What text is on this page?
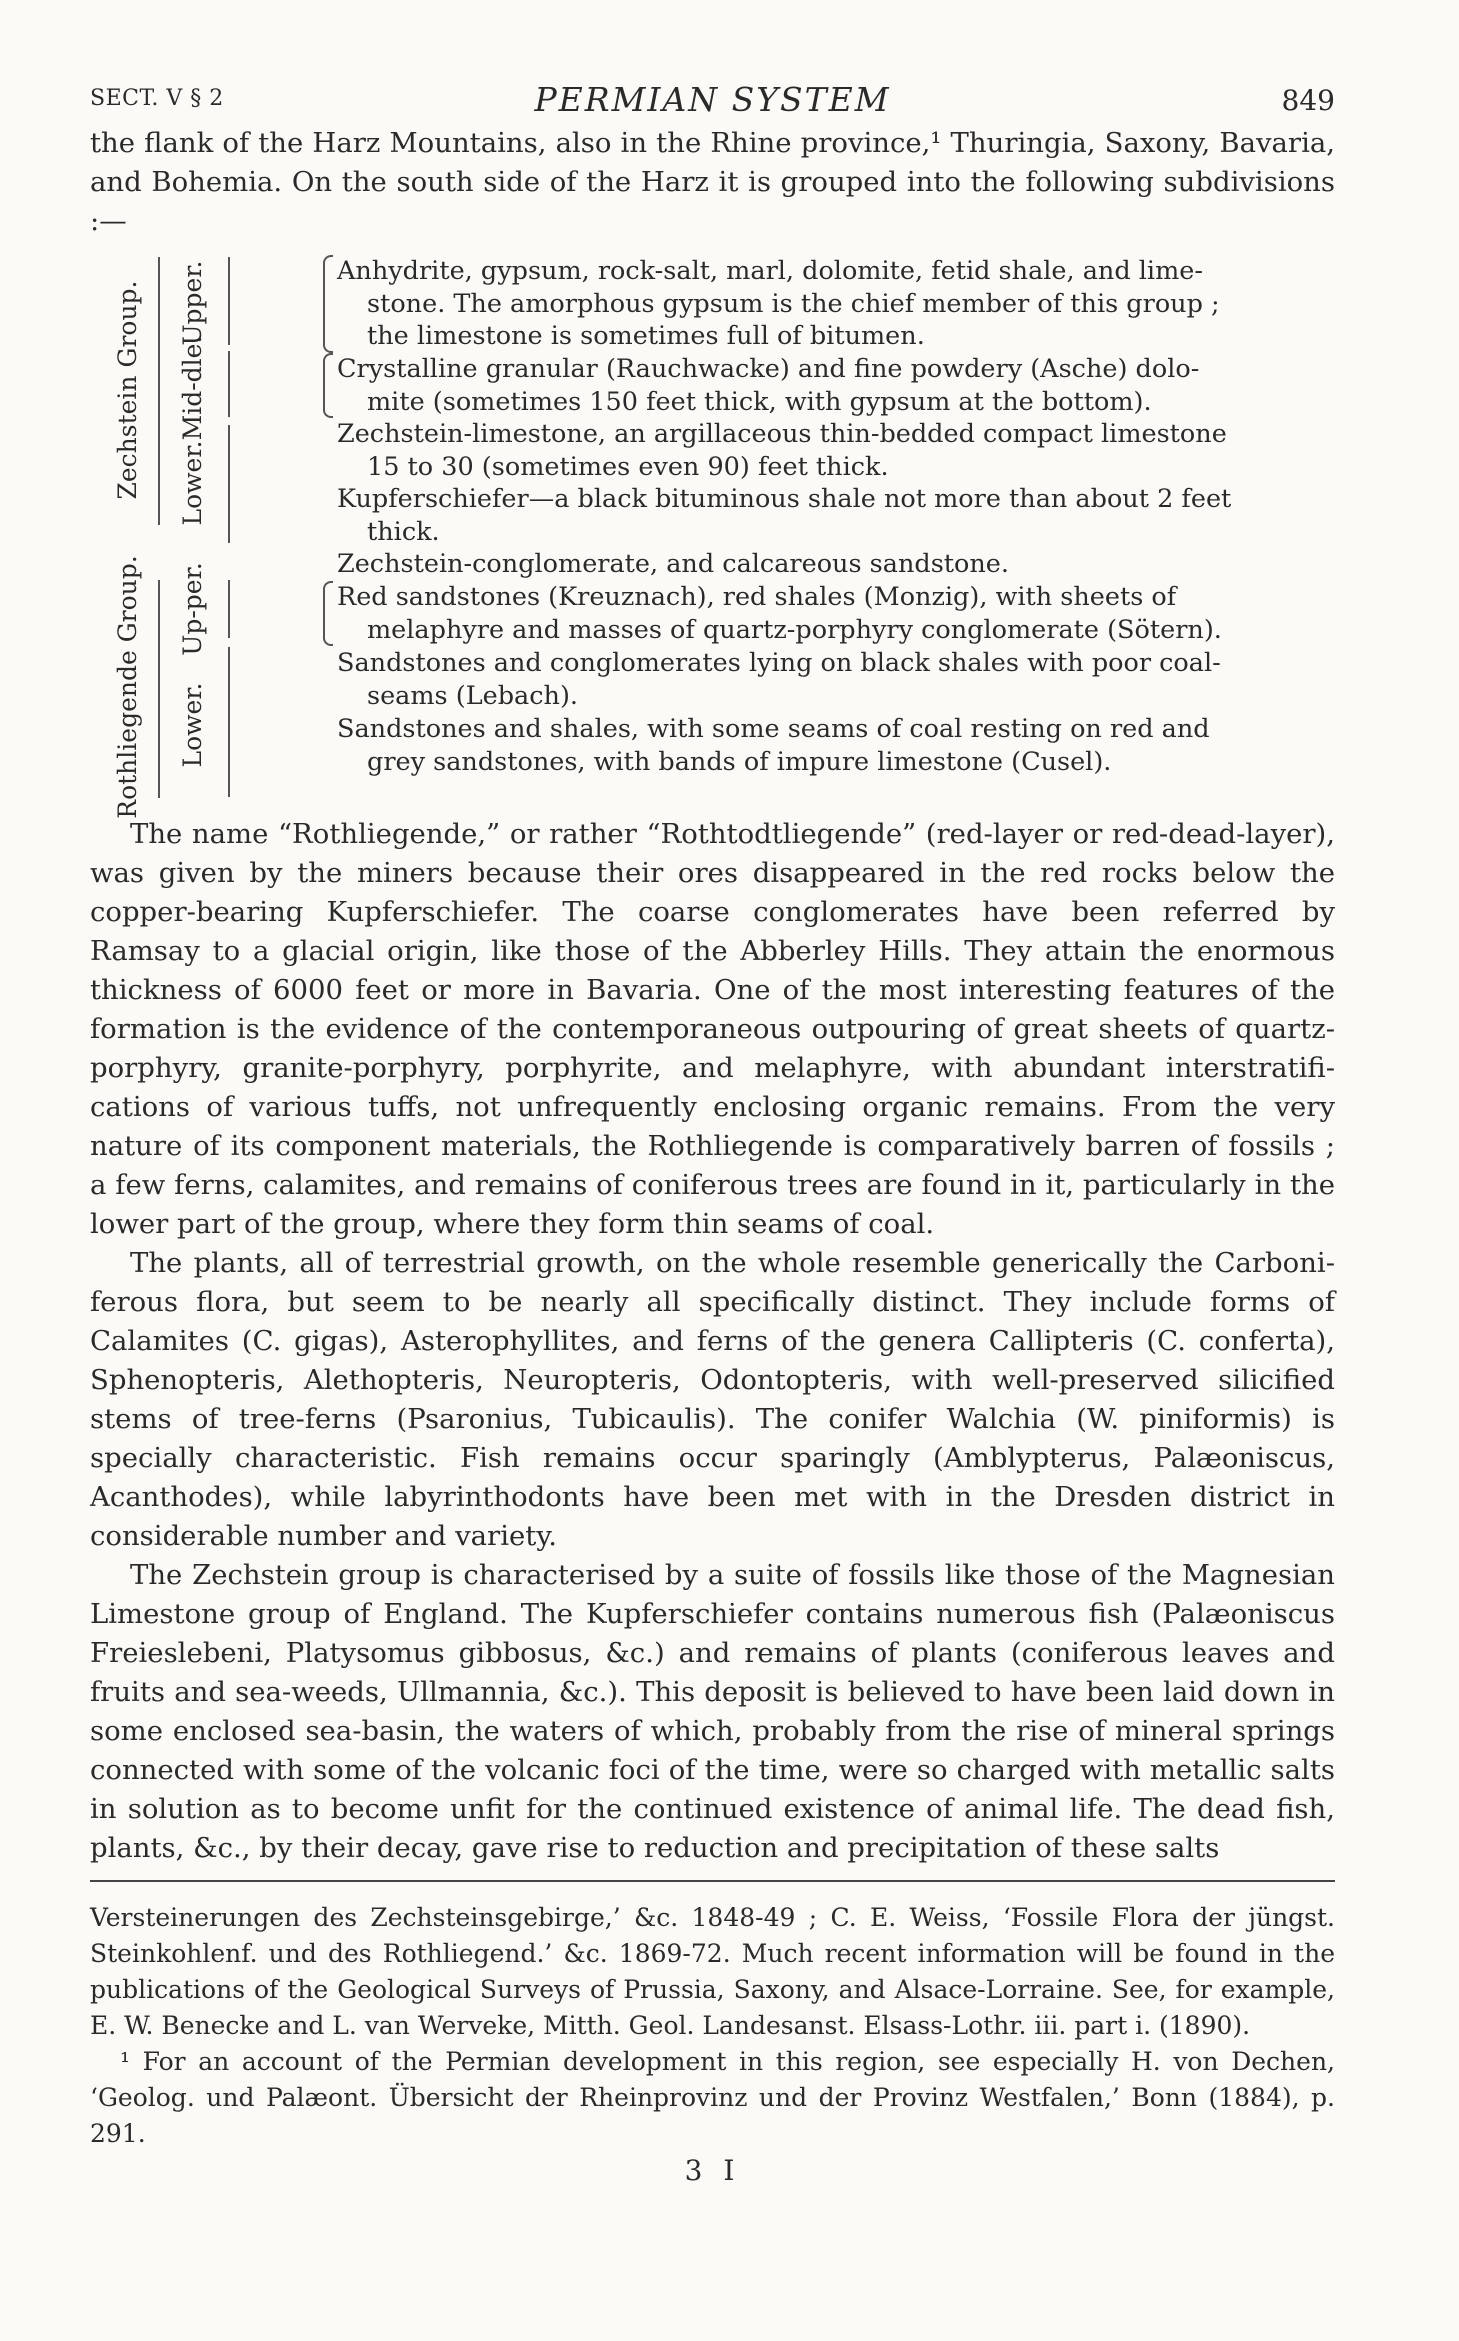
SECT. V § 2	PERMIAN SYSTEM	849

the flank of the Harz Mountains, also in the Rhine province,¹ Thuringia, Saxony, Bavaria, and Bohemia. On the south side of the Harz it is grouped into the following subdivisions :—

Zechstein Group.
Rothliegende Group.
Upper.
Mid-dle.
Lower.
Up-per.
Lower.
Anhydrite, gypsum, rock-salt, marl, dolomite, fetid shale, and lime-
stone. The amorphous gypsum is the chief member of this group ;
the limestone is sometimes full of bitumen.
Crystalline granular (Rauchwacke) and fine powdery (Asche) dolo-
mite (sometimes 150 feet thick, with gypsum at the bottom).
Zechstein-limestone, an argillaceous thin-bedded compact limestone
15 to 30 (sometimes even 90) feet thick.
Kupferschiefer—a black bituminous shale not more than about 2 feet
thick.
Zechstein-conglomerate, and calcareous sandstone.
Red sandstones (Kreuznach), red shales (Monzig), with sheets of
melaphyre and masses of quartz-porphyry conglomerate (Sötern).
Sandstones and conglomerates lying on black shales with poor coal-
seams (Lebach).
Sandstones and shales, with some seams of coal resting on red and
grey sandstones, with bands of impure limestone (Cusel).

The name “Rothliegende,” or rather “Rothtodtliegende” (red-layer or red-dead-layer), was given by the miners because their ores disappeared in the red rocks below the copper-bearing Kupferschiefer. The coarse conglomerates have been referred by Ramsay to a glacial origin, like those of the Abberley Hills. They attain the enormous thickness of 6000 feet or more in Bavaria. One of the most interesting features of the formation is the evidence of the contemporaneous outpouring of great sheets of quartz-porphyry, granite-porphyry, porphyrite, and melaphyre, with abundant interstratifi-cations of various tuffs, not unfrequently enclosing organic remains. From the very nature of its component materials, the Rothliegende is comparatively barren of fossils ; a few ferns, calamites, and remains of coniferous trees are found in it, particularly in the lower part of the group, where they form thin seams of coal.

The plants, all of terrestrial growth, on the whole resemble generically the Carboni-ferous flora, but seem to be nearly all specifically distinct. They include forms of Calamites (C. gigas), Asterophyllites, and ferns of the genera Callipteris (C. conferta), Sphenopteris, Alethopteris, Neuropteris, Odontopteris, with well-preserved silicified stems of tree-ferns (Psaronius, Tubicaulis). The conifer Walchia (W. piniformis) is specially characteristic. Fish remains occur sparingly (Amblypterus, Palæoniscus, Acanthodes), while labyrinthodonts have been met with in the Dresden district in considerable number and variety.

The Zechstein group is characterised by a suite of fossils like those of the Magnesian Limestone group of England. The Kupferschiefer contains numerous fish (Palæoniscus Freieslebeni, Platysomus gibbosus, &c.) and remains of plants (coniferous leaves and fruits and sea-weeds, Ullmannia, &c.). This deposit is believed to have been laid down in some enclosed sea-basin, the waters of which, probably from the rise of mineral springs connected with some of the volcanic foci of the time, were so charged with metallic salts in solution as to become unfit for the continued existence of animal life. The dead fish, plants, &c., by their decay, gave rise to reduction and precipitation of these salts

Versteinerungen des Zechsteinsgebirge,’ &c. 1848-49 ; C. E. Weiss, ‘Fossile Flora der jüngst. Steinkohlenf. und des Rothliegend.’ &c. 1869-72. Much recent information will be found in the publications of the Geological Surveys of Prussia, Saxony, and Alsace-Lorraine. See, for example, E. W. Benecke and L. van Werveke, Mitth. Geol. Landesanst. Elsass-Lothr. iii. part i. (1890).

¹ For an account of the Permian development in this region, see especially H. von Dechen, ‘Geolog. und Palæont. Übersicht der Rheinprovinz und der Provinz Westfalen,’ Bonn (1884), p. 291.

3 I
